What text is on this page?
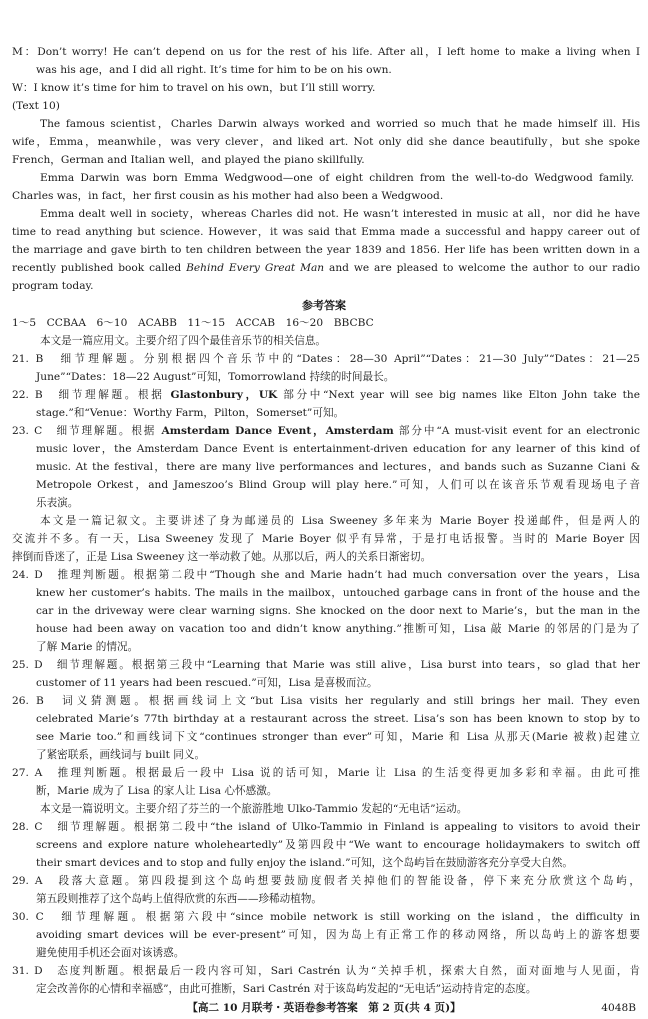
M：Don’t worry! He can’t depend on us for the rest of his life. After all，I left home to make a living when I
was his age，and I did all right. It’s time for him to be on his own.
W：I know it’s time for him to travel on his own，but I’ll still worry.
(Text 10)
The famous scientist，Charles Darwin always worked and worried so much that he made himself ill. His
wife，Emma，meanwhile，was very clever，and liked art. Not only did she dance beautifully，but she spoke
French，German and Italian well，and played the piano skillfully.
Emma Darwin was born Emma Wedgwood—one of eight children from the well-to-do Wedgwood family.
Charles was，in fact，her first cousin as his mother had also been a Wedgwood.
Emma dealt well in society，whereas Charles did not. He wasn’t interested in music at all，nor did he have
time to read anything but science. However，it was said that Emma made a successful and happy career out of
the marriage and gave birth to ten children between the year 1839 and 1856. Her life has been written down in a
recently published book called Behind Every Great Man and we are pleased to welcome the author to our radio
program today.
参考答案
1～5　CCBAA　6～10　ACABB　11～15　ACCAB　16～20　BBCBC
本文是一篇应用文。主要介绍了四个最佳音乐节的相关信息。
21. B　细节理解题。分别根据四个音乐节中的“Dates：28—30 April”“Dates：21—30 July”“Dates：21—25
June”“Dates：18—22 August”可知，Tomorrowland 持续的时间最长。
22. B　细节理解题。根据 Glastonbury，UK 部分中“Next year will see big names like Elton John take the
stage.”和“Venue：Worthy Farm，Pilton，Somerset”可知。
23. C　细节理解题。根据 Amsterdam Dance Event，Amsterdam 部分中“A must-visit event for an electronic
music lover，the Amsterdam Dance Event is entertainment-driven education for any learner of this kind of
music. At the festival，there are many live performances and lectures，and bands such as Suzanne Ciani &
Metropole Orkest，and Jameszoo’s Blind Group will play here.”可知，人们可以在该音乐节观看现场电子音
乐表演。
本文是一篇记叙文。主要讲述了身为邮递员的 Lisa Sweeney 多年来为 Marie Boyer 投递邮件，但是两人的
交流并不多。有一天，Lisa Sweeney 发现了 Marie Boyer 似乎有异常，于是打电话报警。当时的 Marie Boyer 因
摔倒而昏迷了，正是 Lisa Sweeney 这一举动救了她。从那以后，两人的关系日渐密切。
24. D　推理判断题。根据第二段中“Though she and Marie hadn’t had much conversation over the years，Lisa
knew her customer’s habits. The mails in the mailbox，untouched garbage cans in front of the house and the
car in the driveway were clear warning signs. She knocked on the door next to Marie’s，but the man in the
house had been away on vacation too and didn’t know anything.”推断可知，Lisa 敲 Marie 的邻居的门是为了
了解 Marie 的情况。
25. D　细节理解题。根据第三段中“Learning that Marie was still alive，Lisa burst into tears，so glad that her
customer of 11 years had been rescued.”可知，Lisa 是喜极而泣。
26. B　词义猜测题。根据画线词上文“but Lisa visits her regularly and still brings her mail. They even
celebrated Marie’s 77th birthday at a restaurant across the street. Lisa’s son has been known to stop by to
see Marie too.”和画线词下文“continues stronger than ever”可知，Marie 和 Lisa 从那天(Marie 被救)起建立
了紧密联系，画线词与 built 同义。
27. A　推理判断题。根据最后一段中 Lisa 说的话可知，Marie 让 Lisa 的生活变得更加多彩和幸福。由此可推
断，Marie 成为了 Lisa 的家人让 Lisa 心怀感激。
本文是一篇说明文。主要介绍了芬兰的一个旅游胜地 Ulko-Tammio 发起的“无电话”运动。
28. C　细节理解题。根据第二段中“the island of Ulko-Tammio in Finland is appealing to visitors to avoid their
screens and explore nature wholeheartedly”及第四段中“We want to encourage holidaymakers to switch off
their smart devices and to stop and fully enjoy the island.”可知，这个岛屿旨在鼓励游客充分享受大自然。
29. A　段落大意题。第四段提到这个岛屿想要鼓励度假者关掉他们的智能设备，停下来充分欣赏这个岛屿，
第五段则推荐了这个岛屿上值得欣赏的东西——珍稀动植物。
30. C　细节理解题。根据第六段中“since mobile network is still working on the island，the difficulty in
avoiding smart devices will be ever-present”可知，因为岛上有正常工作的移动网络，所以岛屿上的游客想要
避免使用手机还会面对该诱惑。
31. D　态度判断题。根据最后一段内容可知，Sari Castrén 认为“关掉手机，探索大自然，面对面地与人见面，肯
定会改善你的心情和幸福感”，由此可推断，Sari Castrén 对于该岛屿发起的“无电话”运动持肯定的态度。
【高二 10 月联考・英语卷参考答案　第 2 页(共 4 页)】	4048B
